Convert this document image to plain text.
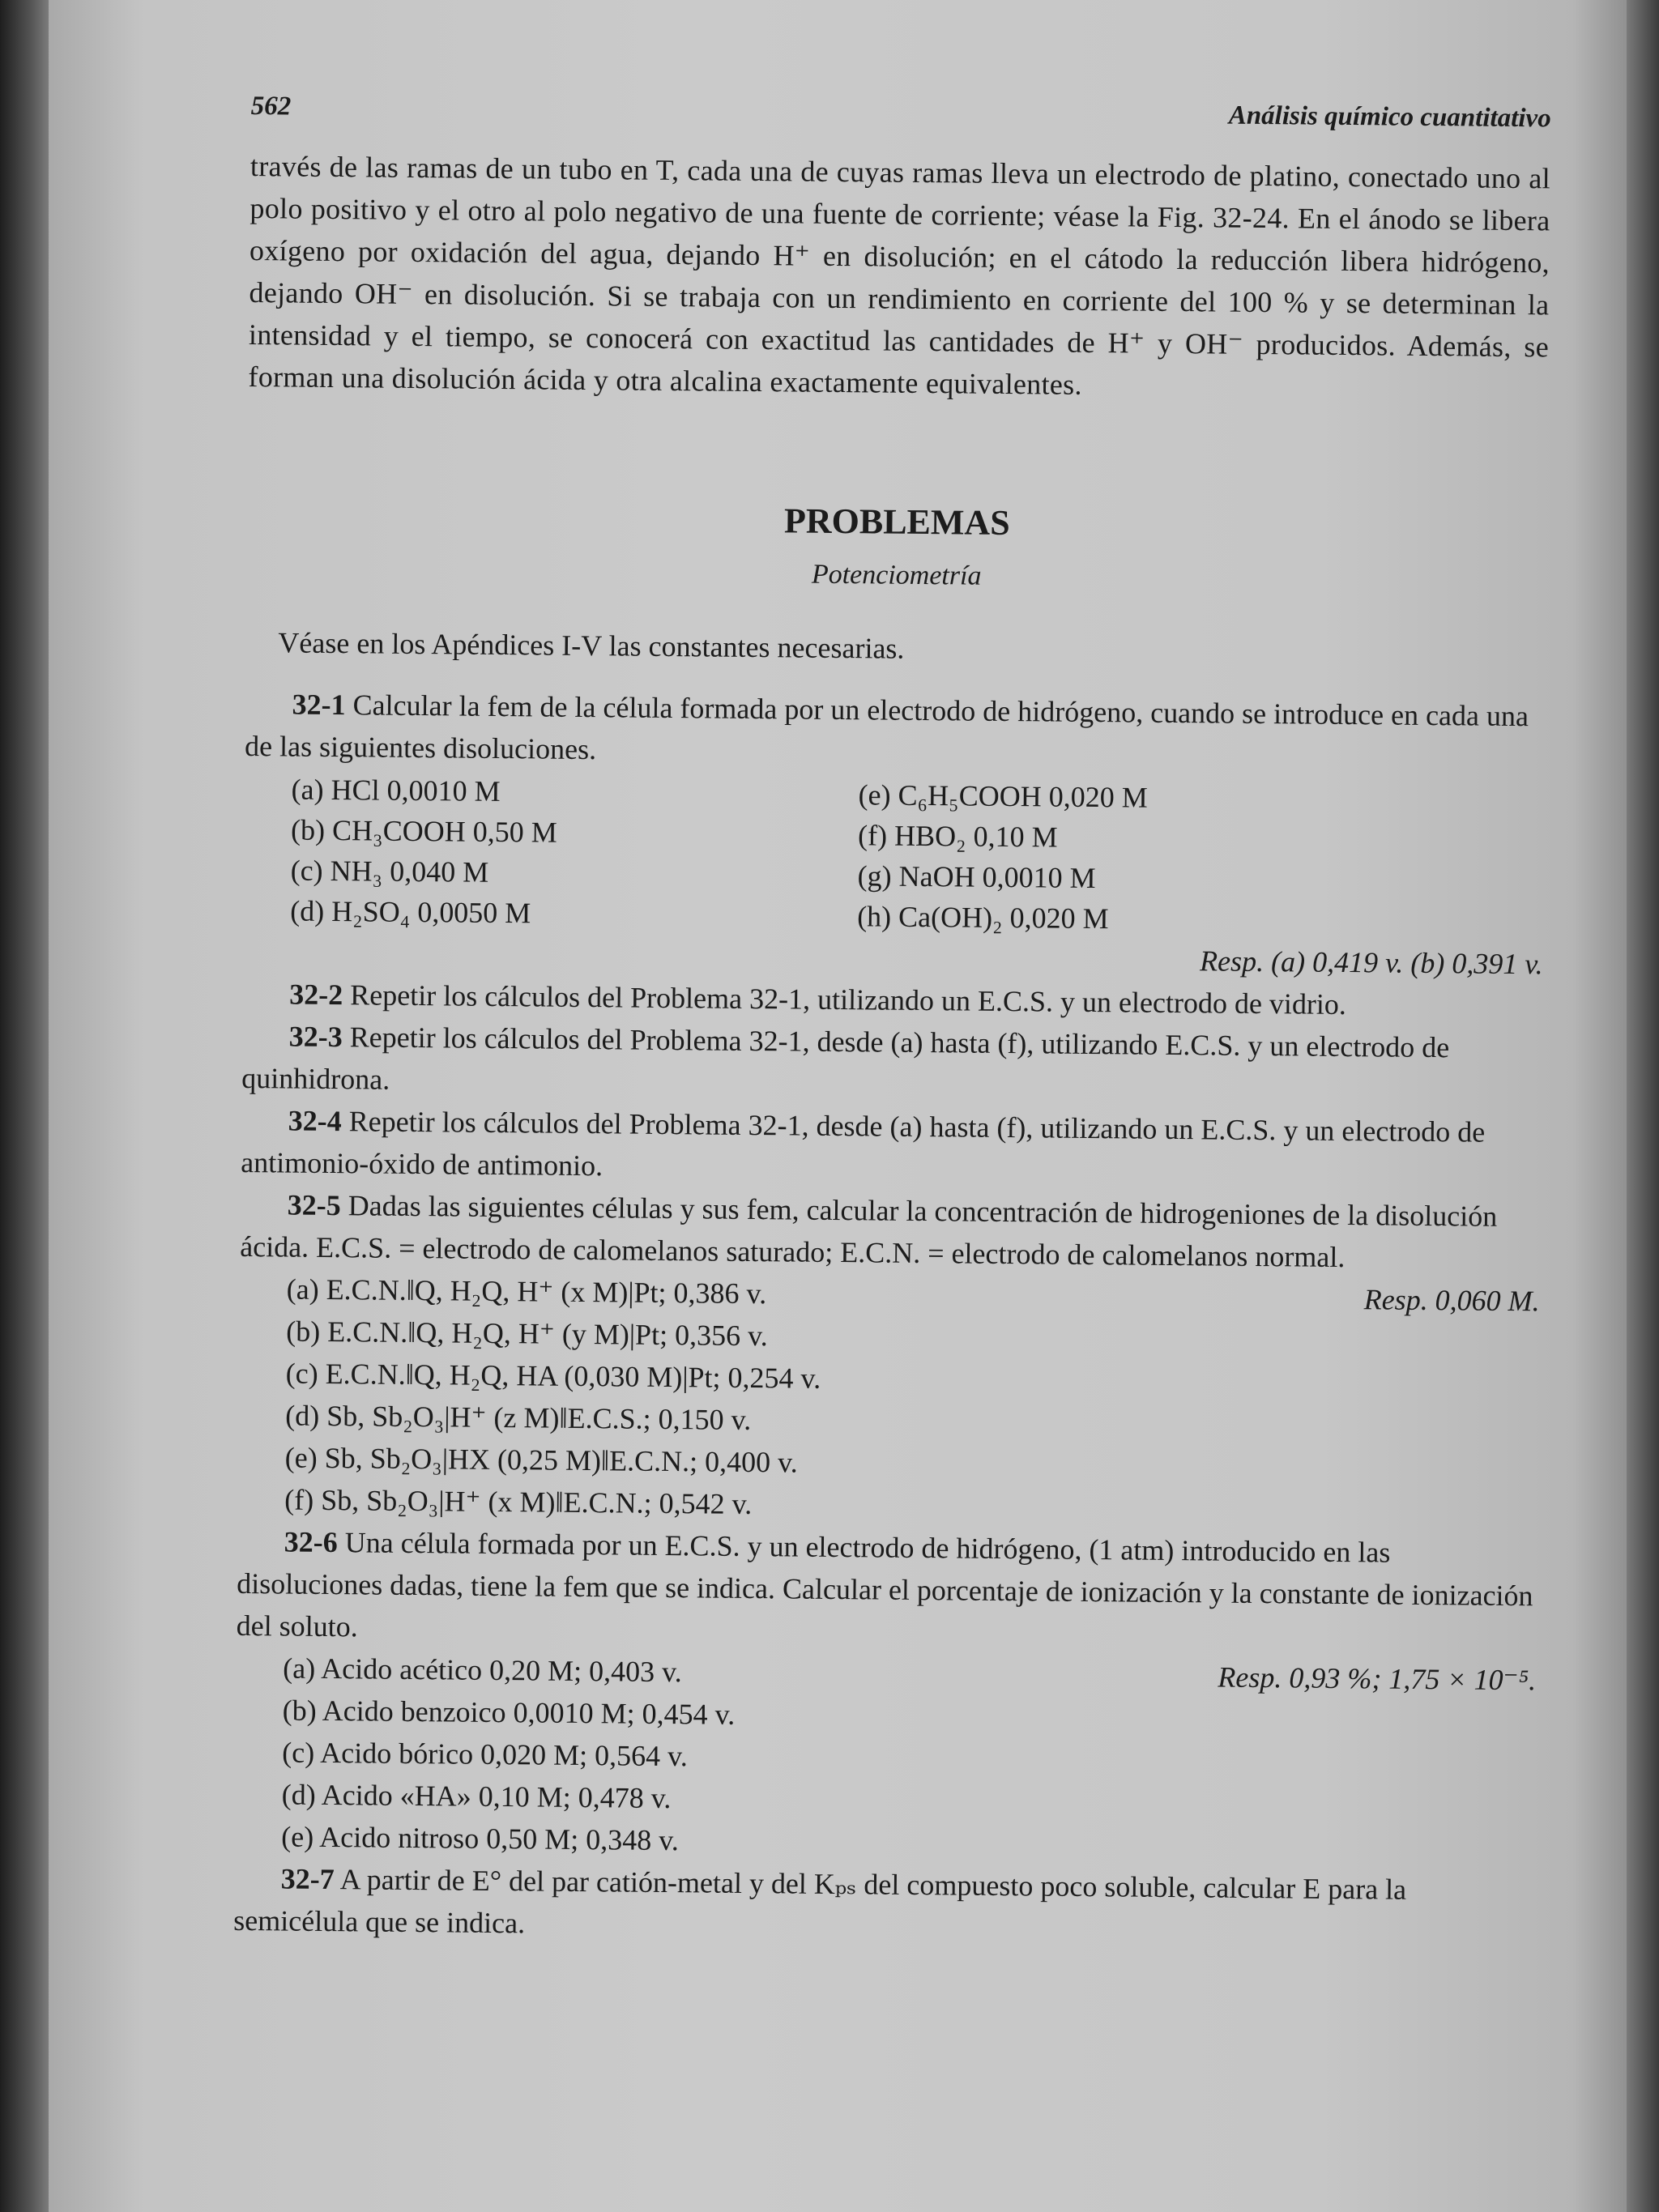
562	Análisis químico cuantitativo

través de las ramas de un tubo en T, cada una de cuyas ramas lleva un electrodo de platino, conectado uno al polo positivo y el otro al polo negativo de una fuente de corriente; véase la Fig. 32-24. En el ánodo se libera oxígeno por oxidación del agua, dejando H⁺ en disolución; en el cátodo la reducción libera hidrógeno, dejando OH⁻ en disolución. Si se trabaja con un rendimiento en corriente del 100 % y se determinan la intensidad y el tiempo, se conocerá con exactitud las cantidades de H⁺ y OH⁻ producidos. Además, se forman una disolución ácida y otra alcalina exactamente equivalentes.

PROBLEMAS
Potenciometría
Véase en los Apéndices I-V las constantes necesarias.
32-1 Calcular la fem de la célula formada por un electrodo de hidrógeno, cuando se introduce en cada una de las siguientes disoluciones.
(a) HCl 0,0010 M
(b) CH₃COOH 0,50 M
(c) NH₃ 0,040 M
(d) H₂SO₄ 0,0050 M
(e) C₆H₅COOH 0,020 M
(f) HBO₂ 0,10 M
(g) NaOH 0,0010 M
(h) Ca(OH)₂ 0,020 M
Resp. (a) 0,419 v. (b) 0,391 v.
32-2 Repetir los cálculos del Problema 32-1, utilizando un E.C.S. y un electrodo de vidrio.
32-3 Repetir los cálculos del Problema 32-1, desde (a) hasta (f), utilizando E.C.S. y un electrodo de quinhidrona.
32-4 Repetir los cálculos del Problema 32-1, desde (a) hasta (f), utilizando un E.C.S. y un electrodo de antimonio-óxido de antimonio.
32-5 Dadas las siguientes células y sus fem, calcular la concentración de hidrogeniones de la disolución ácida. E.C.S. = electrodo de calomelanos saturado; E.C.N. = electrodo de calomelanos normal.
(a) E.C.N.‖Q, H₂Q, H⁺ (x M)|Pt; 0,386 v.
(b) E.C.N.‖Q, H₂Q, H⁺ (y M)|Pt; 0,356 v.
(c) E.C.N.‖Q, H₂Q, HA (0,030 M)|Pt; 0,254 v.
(d) Sb, Sb₂O₃|H⁺ (z M)‖E.C.S.; 0,150 v.
(e) Sb, Sb₂O₃|HX (0,25 M)‖E.C.N.; 0,400 v.
(f) Sb, Sb₂O₃|H⁺ (x M)‖E.C.N.; 0,542 v.
Resp. 0,060 M.
32-6 Una célula formada por un E.C.S. y un electrodo de hidrógeno, (1 atm) introducido en las disoluciones dadas, tiene la fem que se indica. Calcular el porcentaje de ionización y la constante de ionización del soluto.
(a) Acido acético 0,20 M; 0,403 v.
(b) Acido benzoico 0,0010 M; 0,454 v.
(c) Acido bórico 0,020 M; 0,564 v.
(d) Acido «HA» 0,10 M; 0,478 v.
(e) Acido nitroso 0,50 M; 0,348 v.
Resp. 0,93 %; 1,75 × 10⁻⁵.
32-7 A partir de E° del par catión-metal y del Kₚₛ del compuesto poco soluble, calcular E para la semicélula que se indica.
